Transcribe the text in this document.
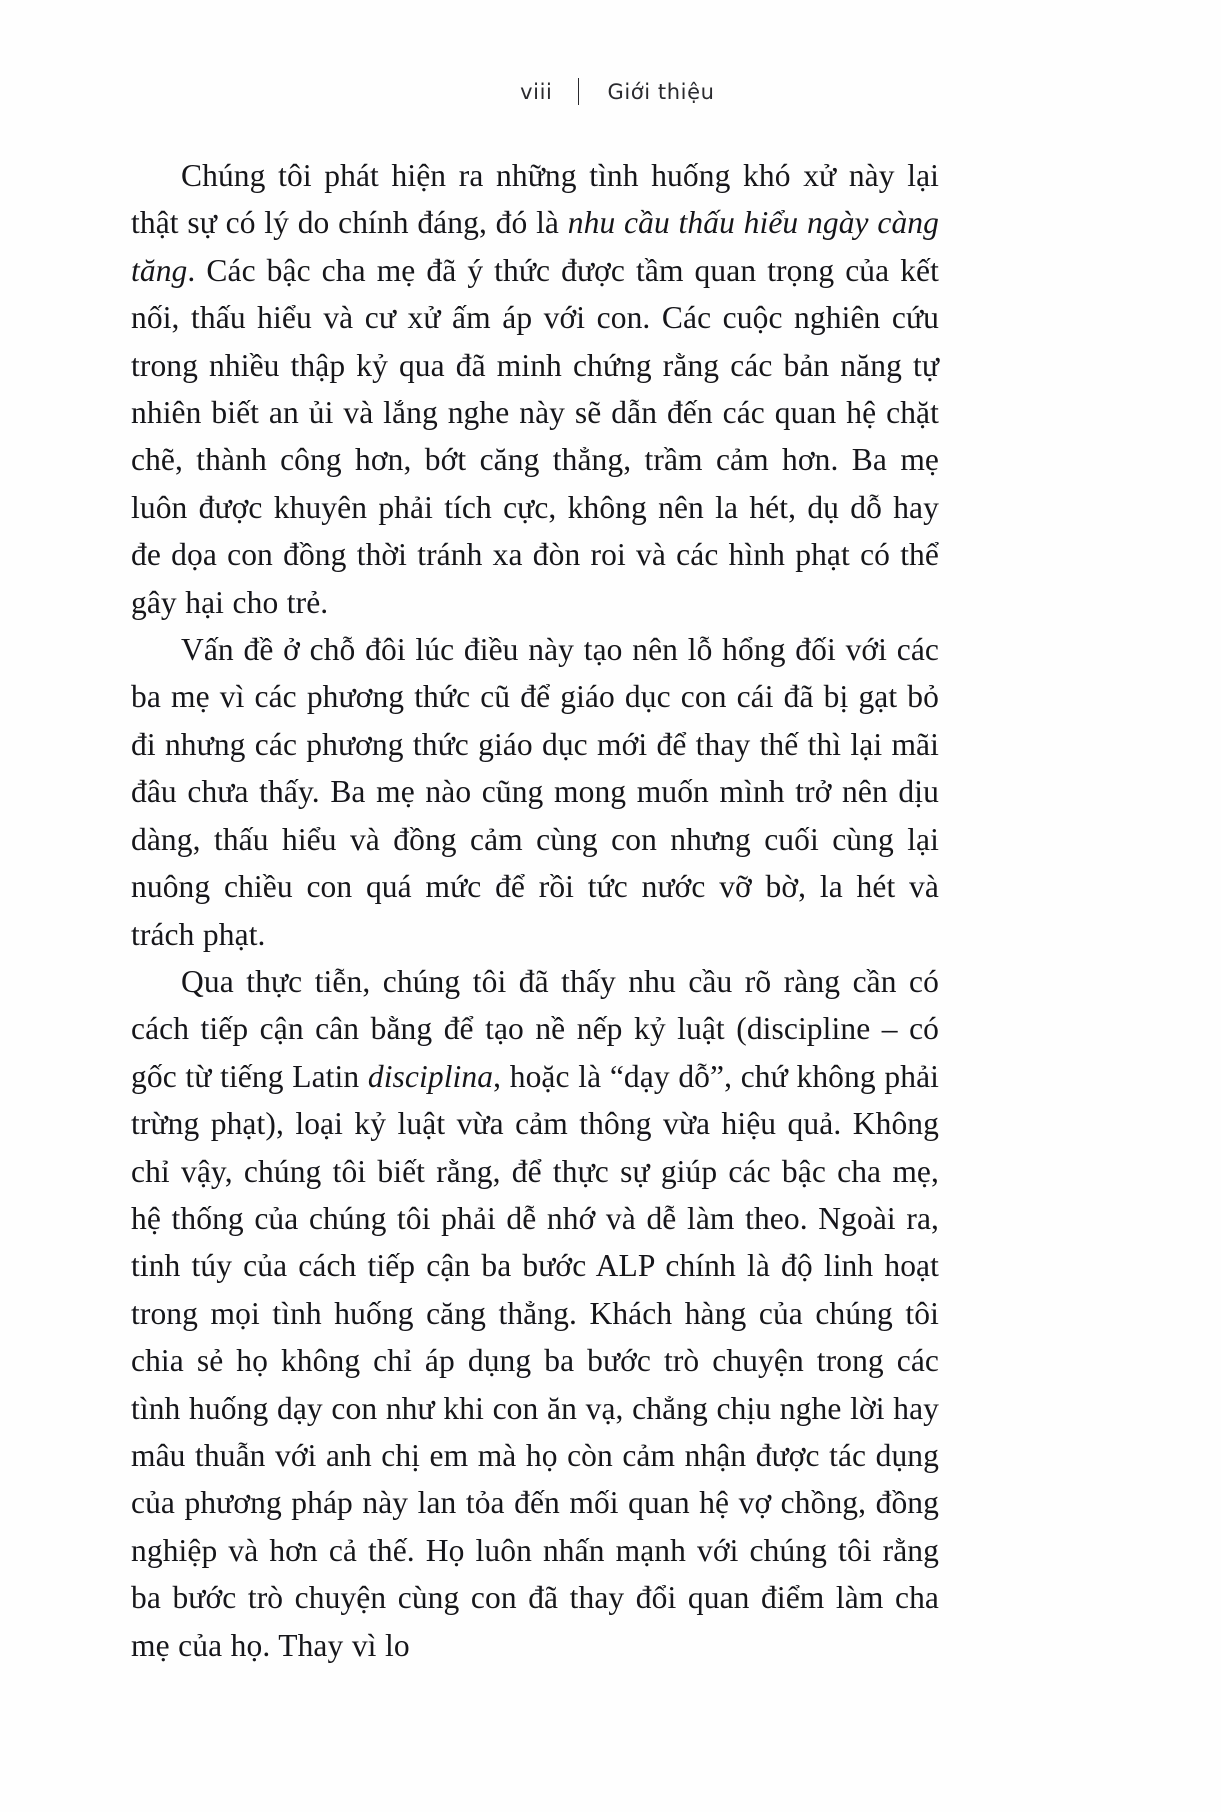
viii	Giới thiệu

Chúng tôi phát hiện ra những tình huống khó xử này lại thật sự có lý do chính đáng, đó là nhu cầu thấu hiểu ngày càng tăng. Các bậc cha mẹ đã ý thức được tầm quan trọng của kết nối, thấu hiểu và cư xử ấm áp với con. Các cuộc nghiên cứu trong nhiều thập kỷ qua đã minh chứng rằng các bản năng tự nhiên biết an ủi và lắng nghe này sẽ dẫn đến các quan hệ chặt chẽ, thành công hơn, bớt căng thẳng, trầm cảm hơn. Ba mẹ luôn được khuyên phải tích cực, không nên la hét, dụ dỗ hay đe dọa con đồng thời tránh xa đòn roi và các hình phạt có thể gây hại cho trẻ.

Vấn đề ở chỗ đôi lúc điều này tạo nên lỗ hổng đối với các ba mẹ vì các phương thức cũ để giáo dục con cái đã bị gạt bỏ đi nhưng các phương thức giáo dục mới để thay thế thì lại mãi đâu chưa thấy. Ba mẹ nào cũng mong muốn mình trở nên dịu dàng, thấu hiểu và đồng cảm cùng con nhưng cuối cùng lại nuông chiều con quá mức để rồi tức nước vỡ bờ, la hét và trách phạt.

Qua thực tiễn, chúng tôi đã thấy nhu cầu rõ ràng cần có cách tiếp cận cân bằng để tạo nề nếp kỷ luật (discipline – có gốc từ tiếng Latin disciplina, hoặc là “dạy dỗ”, chứ không phải trừng phạt), loại kỷ luật vừa cảm thông vừa hiệu quả. Không chỉ vậy, chúng tôi biết rằng, để thực sự giúp các bậc cha mẹ, hệ thống của chúng tôi phải dễ nhớ và dễ làm theo. Ngoài ra, tinh túy của cách tiếp cận ba bước ALP chính là độ linh hoạt trong mọi tình huống căng thẳng. Khách hàng của chúng tôi chia sẻ họ không chỉ áp dụng ba bước trò chuyện trong các tình huống dạy con như khi con ăn vạ, chẳng chịu nghe lời hay mâu thuẫn với anh chị em mà họ còn cảm nhận được tác dụng của phương pháp này lan tỏa đến mối quan hệ vợ chồng, đồng nghiệp và hơn cả thế. Họ luôn nhấn mạnh với chúng tôi rằng ba bước trò chuyện cùng con đã thay đổi quan điểm làm cha mẹ của họ. Thay vì lo
